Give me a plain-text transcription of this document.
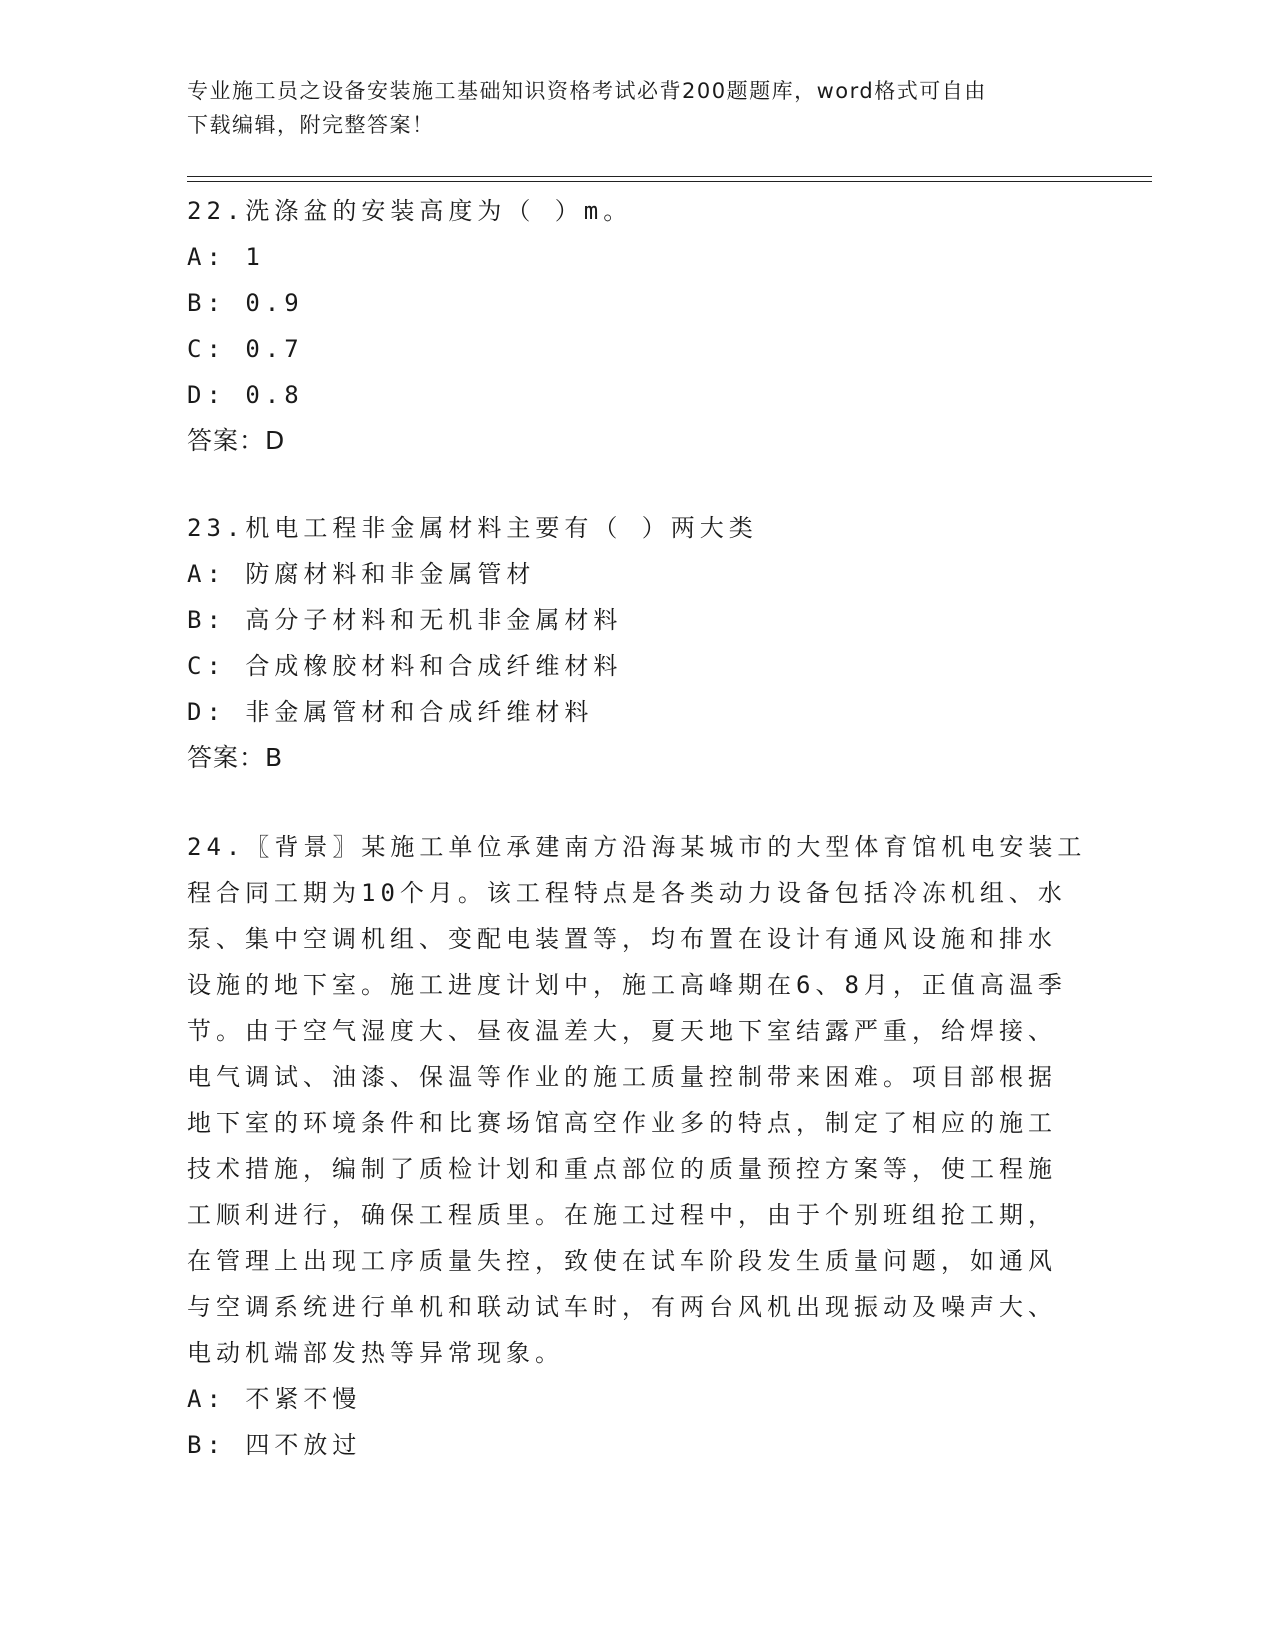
专业施工员之设备安装施工基础知识资格考试必背200题题库，word格式可自由
下载编辑，附完整答案！
22.洗涤盆的安装高度为（ ）m。
A: 1
B: 0.9
C: 0.7
D: 0.8
答案：D
23.机电工程非金属材料主要有（ ）两大类
A: 防腐材料和非金属管材
B: 高分子材料和无机非金属材料
C: 合成橡胶材料和合成纤维材料
D: 非金属管材和合成纤维材料
答案：B
24.〖背景〗某施工单位承建南方沿海某城市的大型体育馆机电安装工
程合同工期为10个月。该工程特点是各类动力设备包括冷冻机组、水
泵、集中空调机组、变配电装置等，均布置在设计有通风设施和排水
设施的地下室。施工进度计划中，施工高峰期在6、8月，正值高温季
节。由于空气湿度大、昼夜温差大，夏天地下室结露严重，给焊接、
电气调试、油漆、保温等作业的施工质量控制带来困难。项目部根据
地下室的环境条件和比赛场馆高空作业多的特点，制定了相应的施工
技术措施，编制了质检计划和重点部位的质量预控方案等，使工程施
工顺利进行，确保工程质里。在施工过程中，由于个别班组抢工期，
在管理上出现工序质量失控，致使在试车阶段发生质量问题，如通风
与空调系统进行单机和联动试车时，有两台风机出现振动及噪声大、
电动机端部发热等异常现象。
A: 不紧不慢
B: 四不放过
